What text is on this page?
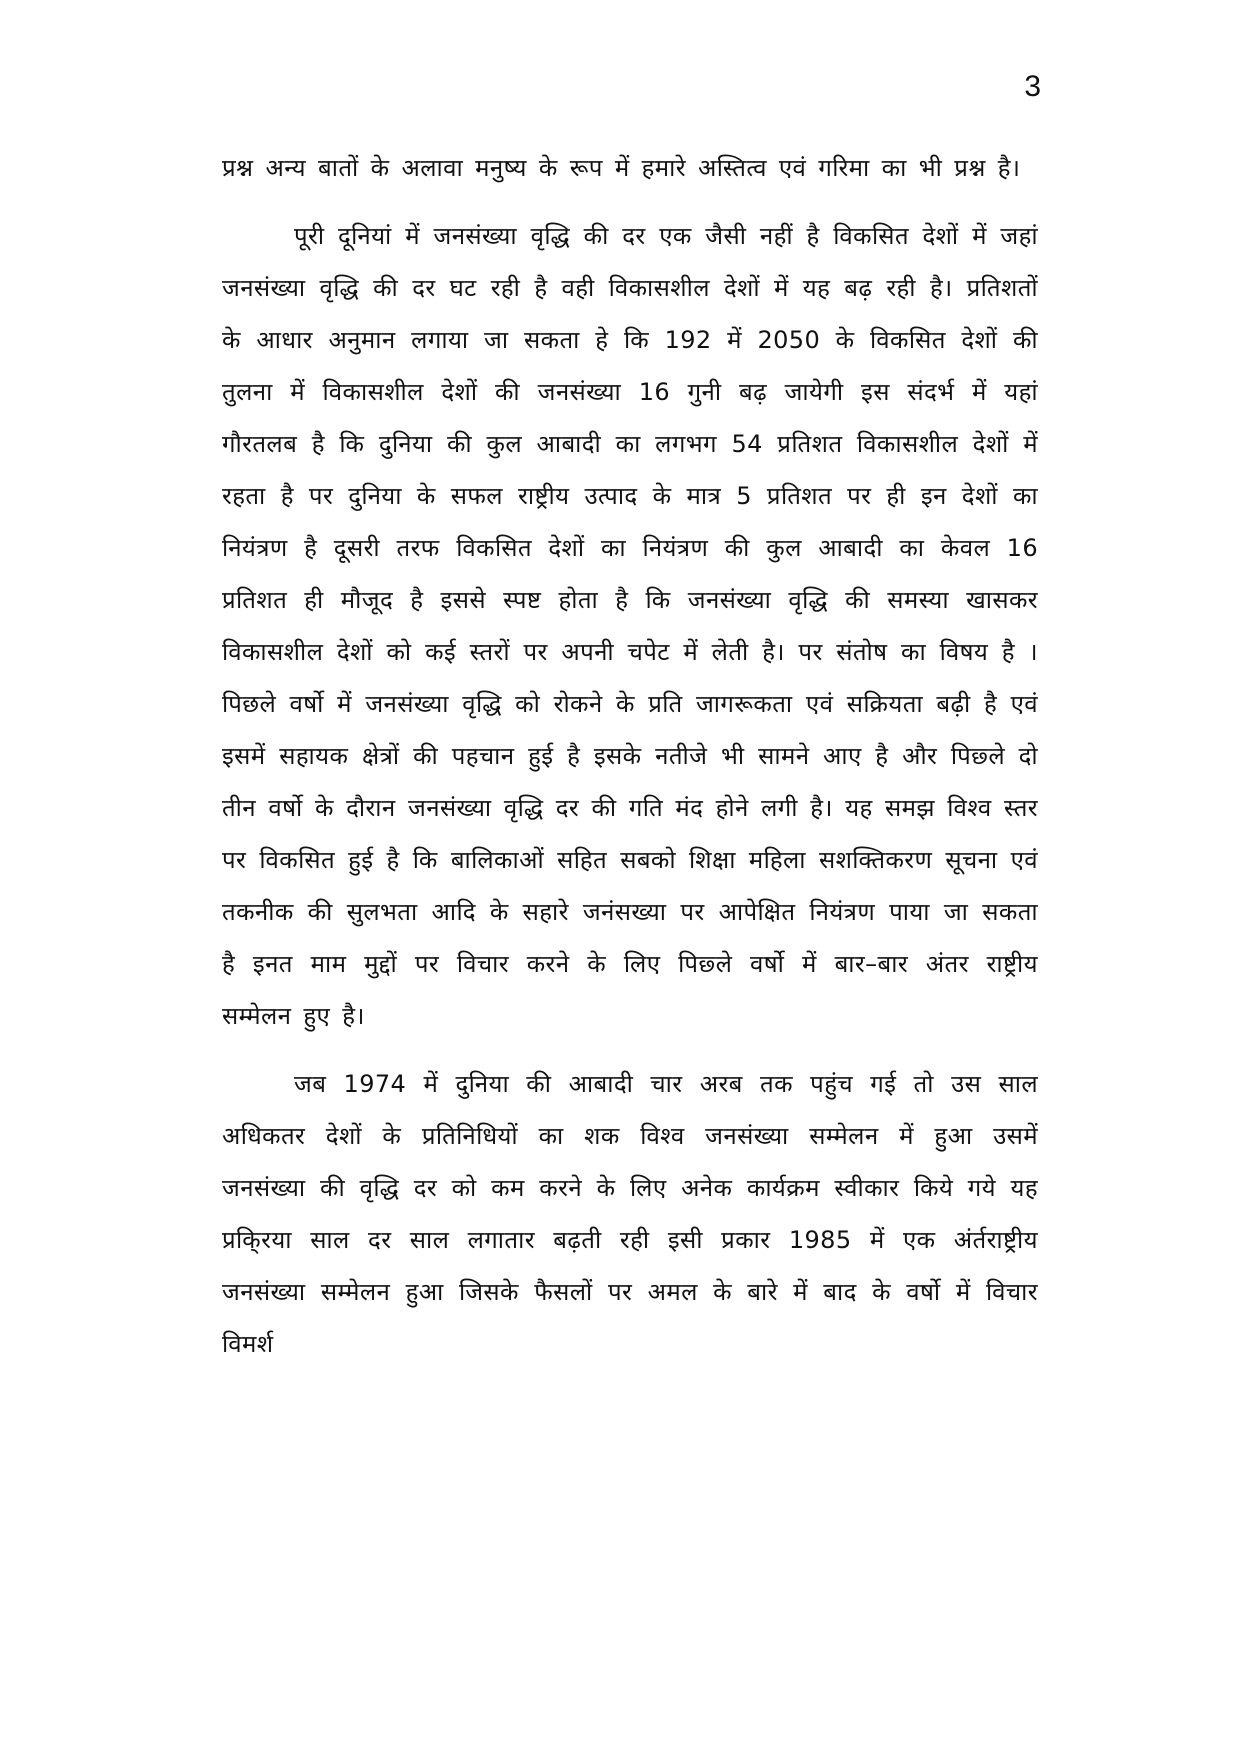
3

प्रश्न अन्य बातों के अलावा मनुष्य के रूप में हमारे अस्तित्व एवं गरिमा का भी प्रश्न है।

पूरी दूनियां में जनसंख्या वृद्धि की दर एक जैसी नहीं है विकसित देशों में जहां जनसंख्या वृद्धि की दर घट रही है वही विकासशील देशों में यह बढ़ रही है। प्रतिशतों के आधार अनुमान लगाया जा सकता हे कि 192 में 2050 के विकसित देशों की तुलना में विकासशील देशों की जनसंख्या 16 गुनी बढ़ जायेगी इस संदर्भ में यहां गौरतलब है कि दुनिया की कुल आबादी का लगभग 54 प्रतिशत विकासशील देशों में रहता है पर दुनिया के सफल राष्ट्रीय उत्पाद के मात्र 5 प्रतिशत पर ही इन देशों का नियंत्रण है दूसरी तरफ विकसित देशों का नियंत्रण की कुल आबादी का केवल 16 प्रतिशत ही मौजूद है इससे स्पष्ट होता है कि जनसंख्या वृद्धि की समस्या खासकर विकासशील देशों को कई स्तरों पर अपनी चपेट में लेती है। पर संतोष का विषय है । पिछले वर्षो में जनसंख्या वृद्धि को रोकने के प्रति जागरूकता एवं सक्रियता बढ़ी है एवं इसमें सहायक क्षेत्रों की पहचान हुई है इसके नतीजे भी सामने आए है और पिछ्ले दो तीन वर्षो के दौरान जनसंख्या वृद्धि दर की गति मंद होने लगी है। यह समझ विश्व स्तर पर विकसित हुई है कि बालिकाओं सहित सबको शिक्षा महिला सशक्तिकरण सूचना एवं तकनीक की सुलभता आदि के सहारे जनंसख्या पर आपेक्षित नियंत्रण पाया जा सकता है इनत माम मुद्दों पर विचार करने के लिए पिछ्ले वर्षो में बार–बार अंतर राष्ट्रीय सम्मेलन हुए है।

जब 1974 में दुनिया की आबादी चार अरब तक पहुंच गई तो उस साल अधिकतर देशों के प्रतिनिधियों का शक विश्व जनसंख्या सम्मेलन में हुआ उसमें जनसंख्या की वृद्धि दर को कम करने के लिए अनेक कार्यक्रम स्वीकार किये गये यह प्रकि्रया साल दर साल लगातार बढ़ती रही इसी प्रकार 1985 में एक अंर्तराष्ट्रीय जनसंख्या सम्मेलन हुआ जिसके फैसलों पर अमल के बारे में बाद के वर्षो में विचार विमर्श
